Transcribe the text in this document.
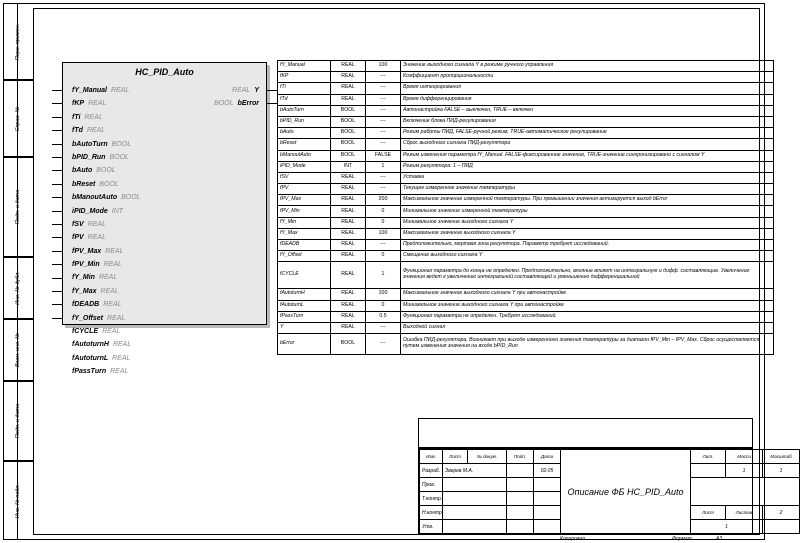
Перв. примен.
Справ. №
Подп. и дата
Инв. № дубл.
Взам. инв. №
Подп. и дата
Инв. № подл.
HC_PID_Auto
fY_Manual REAL
fKP REAL
fTi REAL
fTd REAL
bAutoTurn BOOL
bPID_Run BOOL
bAuto BOOL
bReset BOOL
bManoutAuto BOOL
iPID_Mode INT
fSV REAL
fPV REAL
fPV_Max REAL
fPV_Min REAL
fY_Min REAL
fY_Max REAL
fDEADB REAL
fY_Offset REAL
fCYCLE REAL
fAutoturnH REAL
fAutoturnL REAL
fPassTurn REAL
REAL Y
BOOL bError
fY_Manual	REAL	100	Значение выходного сигнала Y в режиме ручного управления
fKP	REAL	---	Коэффициент пропорциональности
fTi	REAL	---	Время интегрирования
fTd	REAL	---	Время дифференцирования
bAutoTurn	BOOL	---	Автонастройка FALSE – выключен, TRUE – включен
bPID_Run	BOOL	---	Включение блока ПИД-регулирования
bAuto	BOOL	---	Режим работы ПИД, FALSE-ручной режим, TRUE-автоматическое регулирование
bReset	BOOL	---	Сброс выходного сигнала ПИД-регулятора
bManoutAuto	BOOL	FALSE	Режим изменения параметра fY_Manual. FALSE-фиксированное значение, TRUE-значение синхронизировано с сигналом Y
iPID_Mode	INT	1	Режим регулятора: 1 – ПИД
fSV	REAL	---	Уставка
fPV	REAL	---	Текущее измеренное значение температуры
fPV_Max	REAL	200	Максимальное значение измеренной температуры. При превышении значения активируется выход bError
fPV_Min	REAL	0	Минимальное значение измеренной температуры
fY_Min	REAL	0	Минимальное значение выходного сигнала Y
fY_Max	REAL	100	Максимальное значение выходного сигнала Y
fDEADB	REAL	---	Предположительно, мертвая зона регулятора. Параметр требует исследований.
fY_Offset	REAL	0	Смещение выходного сигнала Y
fCYCLE	REAL	1	Функционал параметра до конца не определен. Предположительно, влияние влияет на интегральную и дифф. составляющие. Увеличение значения ведет к увеличению интегральной составляющей и уменьшению дифференциальной
fAutoturnH	REAL	100	Максимальное значение выходного сигнала Y при автонастройке
fAutoturnL	REAL	0	Минимальное значение выходного сигнала Y при автонастройке
fPassTurn	REAL	0.5	Функционал параметра не определен. Требует исследований.
Y	REAL	---	Выходной сигнал
bError	BOOL	---	Ошибка ПИД-регулятора. Возникает при выходе измеренного значения температуры за диапазон fPV_Min – fPV_Max. Сброс осуществляется путем изменения значения на входе bPID_Run
Изм.	Лист	№ докум.	Подп.	Дата	Описание ФБ HC_PID_Auto	Лит.	Масса	Масштаб
Разраб.	Зверев М.А.			02.05			1	1
Пров.								
Т.контр.								
Н.контр.						Лист	Листов	2
Утв.						1		
Копировал	Формат	А3
